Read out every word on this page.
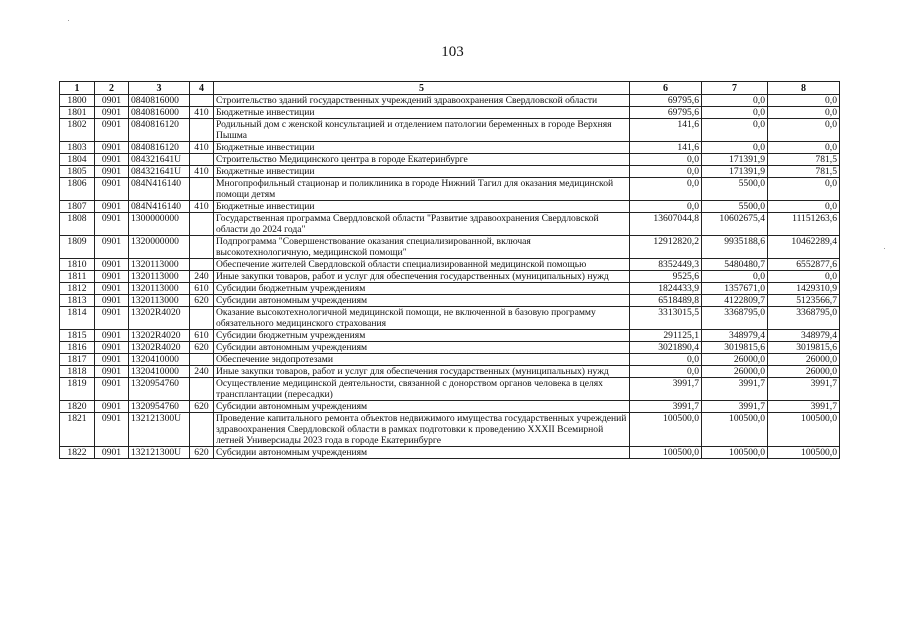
103
1	2	3	4	5	6	7	8
1800	0901	0840816000		Строительство зданий государственных учреждений здравоохранения Свердловской области	69795,6	0,0	0,0
1801	0901	0840816000	410	Бюджетные инвестиции	69795,6	0,0	0,0
1802	0901	0840816120		Родильный дом с женской консультацией и отделением патологии беременных в городе Верхняя Пышма	141,6	0,0	0,0
1803	0901	0840816120	410	Бюджетные инвестиции	141,6	0,0	0,0
1804	0901	084321641U		Строительство Медицинского центра в городе Екатеринбурге	0,0	171391,9	781,5
1805	0901	084321641U	410	Бюджетные инвестиции	0,0	171391,9	781,5
1806	0901	084N416140		Многопрофильный стационар и поликлиника в городе Нижний Тагил для оказания медицинской помощи детям	0,0	5500,0	0,0
1807	0901	084N416140	410	Бюджетные инвестиции	0,0	5500,0	0,0
1808	0901	1300000000		Государственная программа Свердловской области "Развитие здравоохранения Свердловской области до 2024 года"	13607044,8	10602675,4	11151263,6
1809	0901	1320000000		Подпрограмма "Совершенствование оказания специализированной, включая высокотехнологичную, медицинской помощи"	12912820,2	9935188,6	10462289,4
1810	0901	1320113000		Обеспечение жителей Свердловской области специализированной медицинской помощью	8352449,3	5480480,7	6552877,6
1811	0901	1320113000	240	Иные закупки товаров, работ и услуг для обеспечения государственных (муниципальных) нужд	9525,6	0,0	0,0
1812	0901	1320113000	610	Субсидии бюджетным учреждениям	1824433,9	1357671,0	1429310,9
1813	0901	1320113000	620	Субсидии автономным учреждениям	6518489,8	4122809,7	5123566,7
1814	0901	13202R4020		Оказание высокотехнологичной медицинской помощи, не включенной в базовую программу обязательного медицинского страхования	3313015,5	3368795,0	3368795,0
1815	0901	13202R4020	610	Субсидии бюджетным учреждениям	291125,1	348979,4	348979,4
1816	0901	13202R4020	620	Субсидии автономным учреждениям	3021890,4	3019815,6	3019815,6
1817	0901	1320410000		Обеспечение эндопротезами	0,0	26000,0	26000,0
1818	0901	1320410000	240	Иные закупки товаров, работ и услуг для обеспечения государственных (муниципальных) нужд	0,0	26000,0	26000,0
1819	0901	1320954760		Осуществление медицинской деятельности, связанной с донорством органов человека в целях трансплантации (пересадки)	3991,7	3991,7	3991,7
1820	0901	1320954760	620	Субсидии автономным учреждениям	3991,7	3991,7	3991,7
1821	0901	132121300U		Проведение капитального ремонта объектов недвижимого имущества государственных учреждений здравоохранения Свердловской области в рамках подготовки к проведению XXXII Всемирной летней Универсиады 2023 года в городе Екатеринбурге	100500,0	100500,0	100500,0
1822	0901	132121300U	620	Субсидии автономным учреждениям	100500,0	100500,0	100500,0
